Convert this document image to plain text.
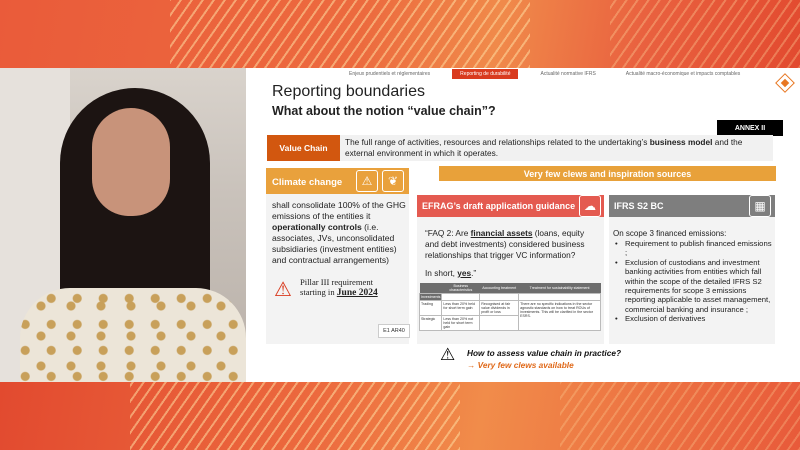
Enjeux prudentiels et réglementaires	Reporting de durabilité	Actualité normative IFRS	Actualité macro-économique et impacts comptables
Reporting boundaries
What about the notion “value chain”?
ANNEX II
Value Chain
The full range of activities, resources and relationships related to the undertaking’s business model and the external environment in which it operates.
Very few clews and inspiration sources
Climate change	⚠	❦
shall consolidate 100% of the GHG emissions of the entities it operationally controls (i.e. associates, JVs, unconsolidated subsidiaries (investment entities) and contractual arrangements)
⚠ Pillar III requirement
starting in June 2024
E1 AR40
EFRAG’s draft application guidance ☁
“FAQ 2: Are financial assets (loans, equity and debt investments) considered business relationships that trigger VC information?
In short, yes.”
	Business characteristics	Accounting treatment	Treatment for sustainability statement
Investments			
Trading	Less than 20% held for short term gain	Recognised at fair value dividends in profit or loss	There are no specific indications in the sector agnostic standards on how to treat ROUs of investments. This will be clarified in the sector ESRS.
Strategic	Less than 20% not held for short term gain		
IFRS S2 BC	▦
On scope 3 financed emissions:
• Requirement to publish financed emissions ;
• Exclusion of custodians and investment banking activities from entities which fall within the scope of the detailed IFRS S2 requirements for scope 3 emissions reporting applicable to asset management, commercial banking and insurance ;
• Exclusion of derivatives
⚠ How to assess value chain in practice?
→ Very few clews available
